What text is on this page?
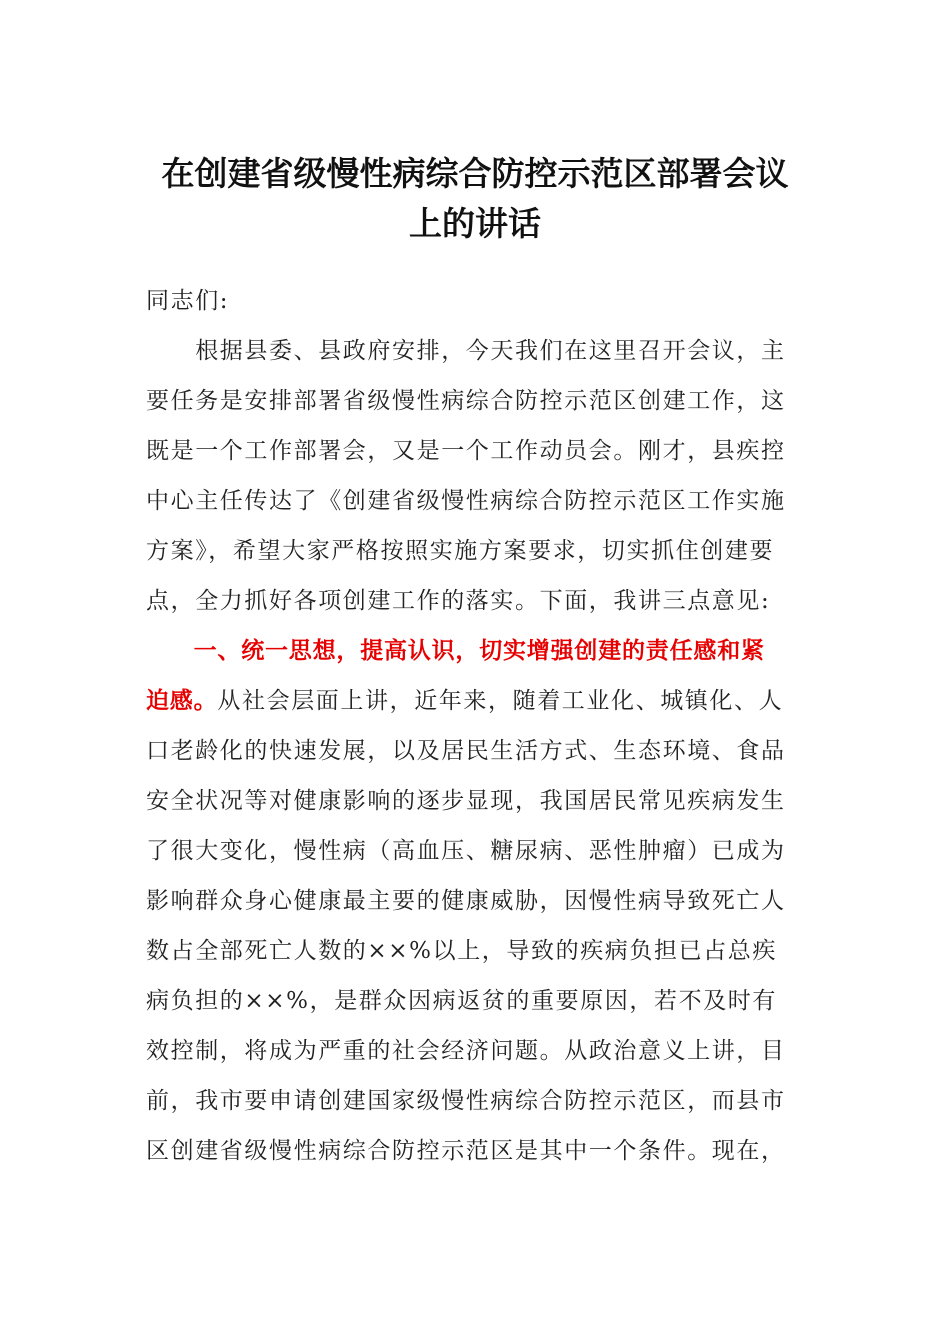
在创建省级慢性病综合防控示范区部署会议
上的讲话
同志们:
　　根据县委、县政府安排，今天我们在这里召开会议，主
要任务是安排部署省级慢性病综合防控示范区创建工作，这
既是一个工作部署会，又是一个工作动员会。刚才，县疾控
中心主任传达了《创建省级慢性病综合防控示范区工作实施
方案》，希望大家严格按照实施方案要求，切实抓住创建要
点，全力抓好各项创建工作的落实。下面，我讲三点意见:
　　一、统一思想，提高认识，切实增强创建的责任感和紧
迫感。从社会层面上讲，近年来，随着工业化、城镇化、人
口老龄化的快速发展，以及居民生活方式、生态环境、食品
安全状况等对健康影响的逐步显现，我国居民常见疾病发生
了很大变化，慢性病（高血压、糖尿病、恶性肿瘤）已成为
影响群众身心健康最主要的健康威胁，因慢性病导致死亡人
数占全部死亡人数的××%以上，导致的疾病负担已占总疾
病负担的××%，是群众因病返贫的重要原因，若不及时有
效控制，将成为严重的社会经济问题。从政治意义上讲，目
前，我市要申请创建国家级慢性病综合防控示范区，而县市
区创建省级慢性病综合防控示范区是其中一个条件。现在，
